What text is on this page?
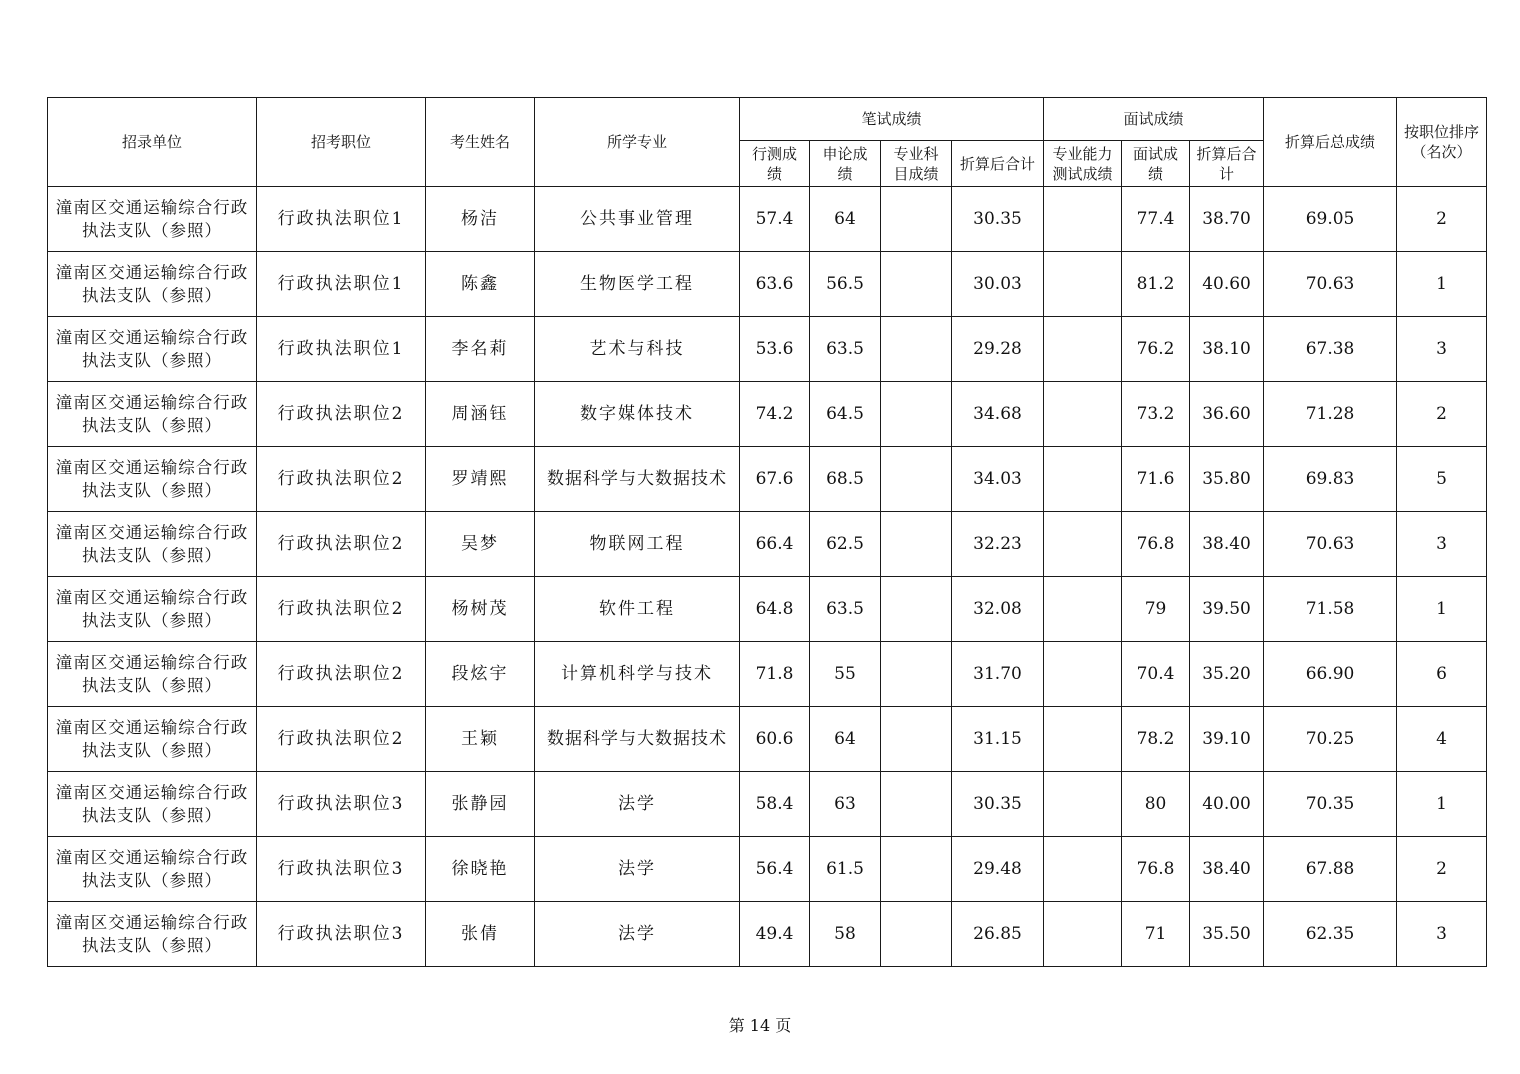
招录单位	招考职位	考生姓名	所学专业	笔试成绩				面试成绩			折算后总成绩	按职位排序（名次）
				行测成绩	申论成绩	专业科目成绩	折算后合计	专业能力测试成绩	面试成绩	折算后合计		
潼南区交通运输综合行政执法支队（参照）	行政执法职位1	杨洁	公共事业管理	57.4	64		30.35		77.4	38.70	69.05	2
潼南区交通运输综合行政执法支队（参照）	行政执法职位1	陈鑫	生物医学工程	63.6	56.5		30.03		81.2	40.60	70.63	1
潼南区交通运输综合行政执法支队（参照）	行政执法职位1	李名莉	艺术与科技	53.6	63.5		29.28		76.2	38.10	67.38	3
潼南区交通运输综合行政执法支队（参照）	行政执法职位2	周涵钰	数字媒体技术	74.2	64.5		34.68		73.2	36.60	71.28	2
潼南区交通运输综合行政执法支队（参照）	行政执法职位2	罗靖熙	数据科学与大数据技术	67.6	68.5		34.03		71.6	35.80	69.83	5
潼南区交通运输综合行政执法支队（参照）	行政执法职位2	吴梦	物联网工程	66.4	62.5		32.23		76.8	38.40	70.63	3
潼南区交通运输综合行政执法支队（参照）	行政执法职位2	杨树茂	软件工程	64.8	63.5		32.08		79	39.50	71.58	1
潼南区交通运输综合行政执法支队（参照）	行政执法职位2	段炫宇	计算机科学与技术	71.8	55		31.70		70.4	35.20	66.90	6
潼南区交通运输综合行政执法支队（参照）	行政执法职位2	王颖	数据科学与大数据技术	60.6	64		31.15		78.2	39.10	70.25	4
潼南区交通运输综合行政执法支队（参照）	行政执法职位3	张静园	法学	58.4	63		30.35		80	40.00	70.35	1
潼南区交通运输综合行政执法支队（参照）	行政执法职位3	徐晓艳	法学	56.4	61.5		29.48		76.8	38.40	67.88	2
潼南区交通运输综合行政执法支队（参照）	行政执法职位3	张倩	法学	49.4	58		26.85		71	35.50	62.35	3
第 14 页
